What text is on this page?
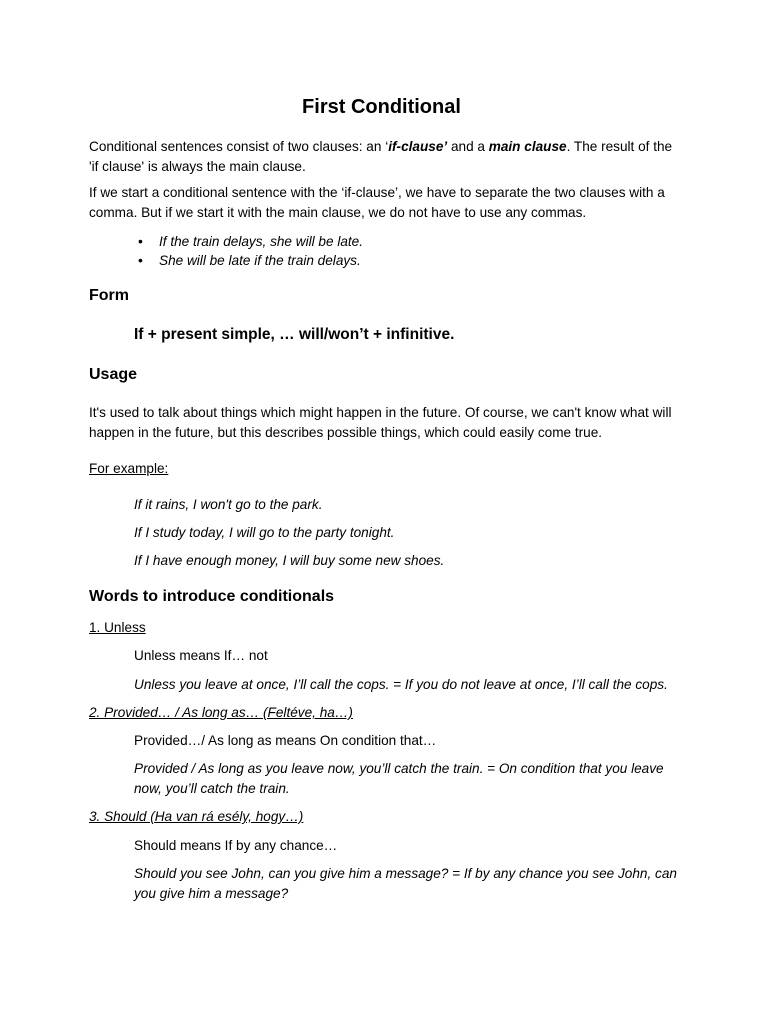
First Conditional
Conditional sentences consist of two clauses: an ‘if-clause’ and a main clause. The result of the 'if clause' is always the main clause.
If we start a conditional sentence with the ‘if-clause’, we have to separate the two clauses with a comma. But if we start it with the main clause, we do not have to use any commas.
• If the train delays, she will be late.
• She will be late if the train delays.
Form
If + present simple, … will/won’t + infinitive.
Usage
It's used to talk about things which might happen in the future. Of course, we can't know what will happen in the future, but this describes possible things, which could easily come true.
For example:
If it rains, I won't go to the park.
If I study today, I will go to the party tonight.
If I have enough money, I will buy some new shoes.
Words to introduce conditionals
1. Unless
Unless means If… not
Unless you leave at once, I’ll call the cops. = If you do not leave at once, I’ll call the cops.
2. Provided… / As long as… (Feltéve, ha…)
Provided…/ As long as means On condition that…
Provided / As long as you leave now, you’ll catch the train. = On condition that you leave now, you’ll catch the train.
3. Should (Ha van rá esély, hogy…)
Should means If by any chance…
Should you see John, can you give him a message? = If by any chance you see John, can you give him a message?
